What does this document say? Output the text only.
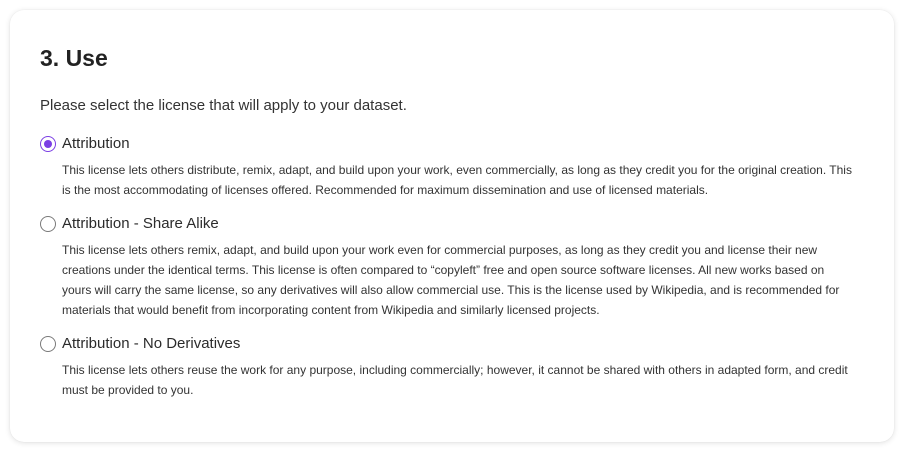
3. Use

Please select the license that will apply to your dataset.

Attribution

This license lets others distribute, remix, adapt, and build upon your work, even commercially, as long as they credit you for the original creation. This is the most accommodating of licenses offered. Recommended for maximum dissemination and use of licensed materials.

Attribution - Share Alike

This license lets others remix, adapt, and build upon your work even for commercial purposes, as long as they credit you and license their new creations under the identical terms. This license is often compared to “copyleft” free and open source software licenses. All new works based on yours will carry the same license, so any derivatives will also allow commercial use. This is the license used by Wikipedia, and is recommended for materials that would benefit from incorporating content from Wikipedia and similarly licensed projects.

Attribution - No Derivatives

This license lets others reuse the work for any purpose, including commercially; however, it cannot be shared with others in adapted form, and credit must be provided to you.
